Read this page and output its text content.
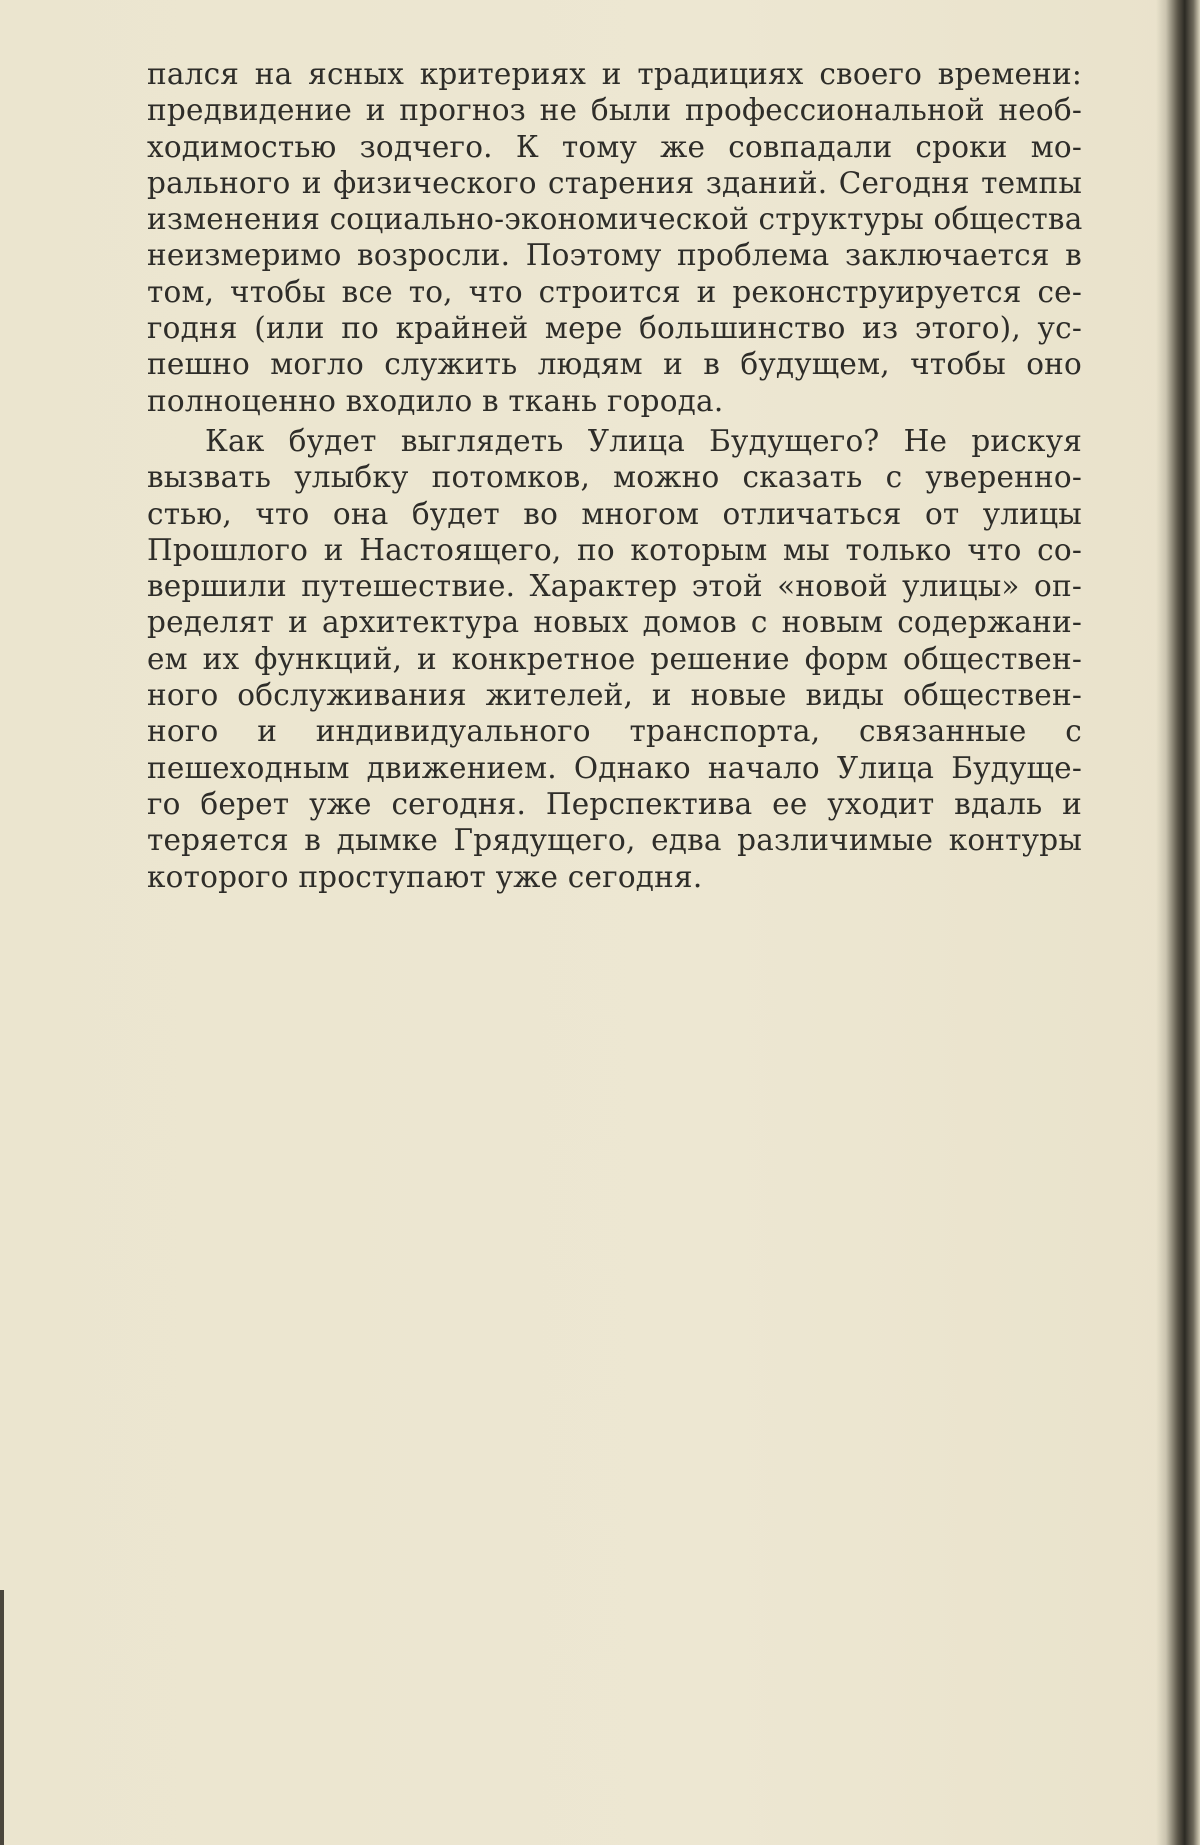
пался на ясных критериях и традициях своего времени:
предвидение и прогноз не были профессиональной необ-
ходимостью зодчего. К тому же совпадали сроки мо-
рального и физического старения зданий. Сегодня темпы
изменения социально-экономической структуры общества
неизмеримо возросли. Поэтому проблема заключается в
том, чтобы все то, что строится и реконструируется се-
годня (или по крайней мере большинство из этого), ус-
пешно могло служить людям и в будущем, чтобы оно
полноценно входило в ткань города.
Как будет выглядеть Улица Будущего? Не рискуя
вызвать улыбку потомков, можно сказать с уверенно-
стью, что она будет во многом отличаться от улицы
Прошлого и Настоящего, по которым мы только что со-
вершили путешествие. Характер этой «новой улицы» оп-
ределят и архитектура новых домов с новым содержани-
ем их функций, и конкретное решение форм обществен-
ного обслуживания жителей, и новые виды обществен-
ного и индивидуального транспорта, связанные с
пешеходным движением. Однако начало Улица Будуще-
го берет уже сегодня. Перспектива ее уходит вдаль и
теряется в дымке Грядущего, едва различимые контуры
которого проступают уже сегодня.
